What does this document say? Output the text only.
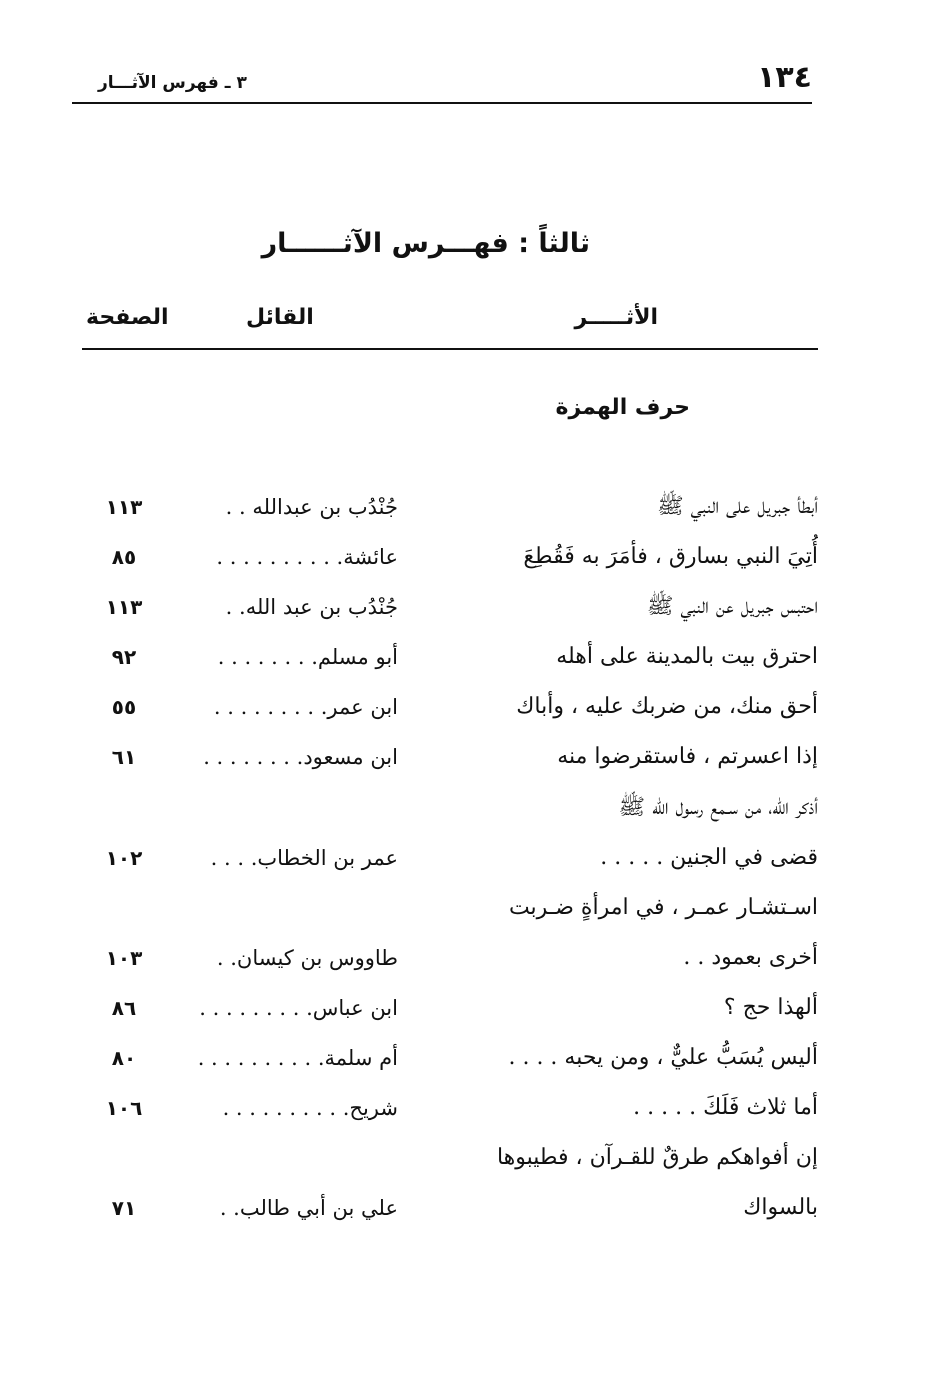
١٣٤
٣ ـ فهرس الآثـــار
ثالثاً : فهـــرس الآثــــــار
الأثـــــر
القائل
الصفحة
حرف الهمزة
أبطأ جبريل على النبي ﷺ
جُنْدُب بن عبدالله . .
١١٣
أُتِيَ النبي بسارق ، فأمَرَ به فَقُطِعَ
عائشة. . . . . . . . . .
٨٥
احتبس جبريل عن النبي ﷺ
جُنْدُب بن عبد الله. .
١١٣
احترق بيت بالمدينة على أهله
أبو مسلم. . . . . . . .
٩٢
أحق منك، من ضربك عليه ، وأباك
ابن عمر. . . . . . . . .
٥٥
إذا اعسرتم ، فاستقرضوا منه
ابن مسعود. . . . . . . .
٦١
أذكر الله، من سـمع رسول الله ﷺ
قضى في الجنين . . . . .
عمر بن الخطاب. . . .
١٠٢
اسـتشـار عمـر ، في امرأةٍ ضـربت
أخرى بعمود . .
طاووس بن كيسان. .
١٠٣
ألهذا حج ؟
ابن عباس. . . . . . . . .
٨٦
أليس يُسَبُّ عليٌّ ، ومن يحبه . . . .
أم سلمة. . . . . . . . . .
٨٠
أما ثلاث فَلَكَ . . . . .
شريح. . . . . . . . . .
١٠٦
إن أفواهكم طرقٌ للقـرآن ، فطيبوها
بالسواك
علي بن أبي طالب. .
٧١
